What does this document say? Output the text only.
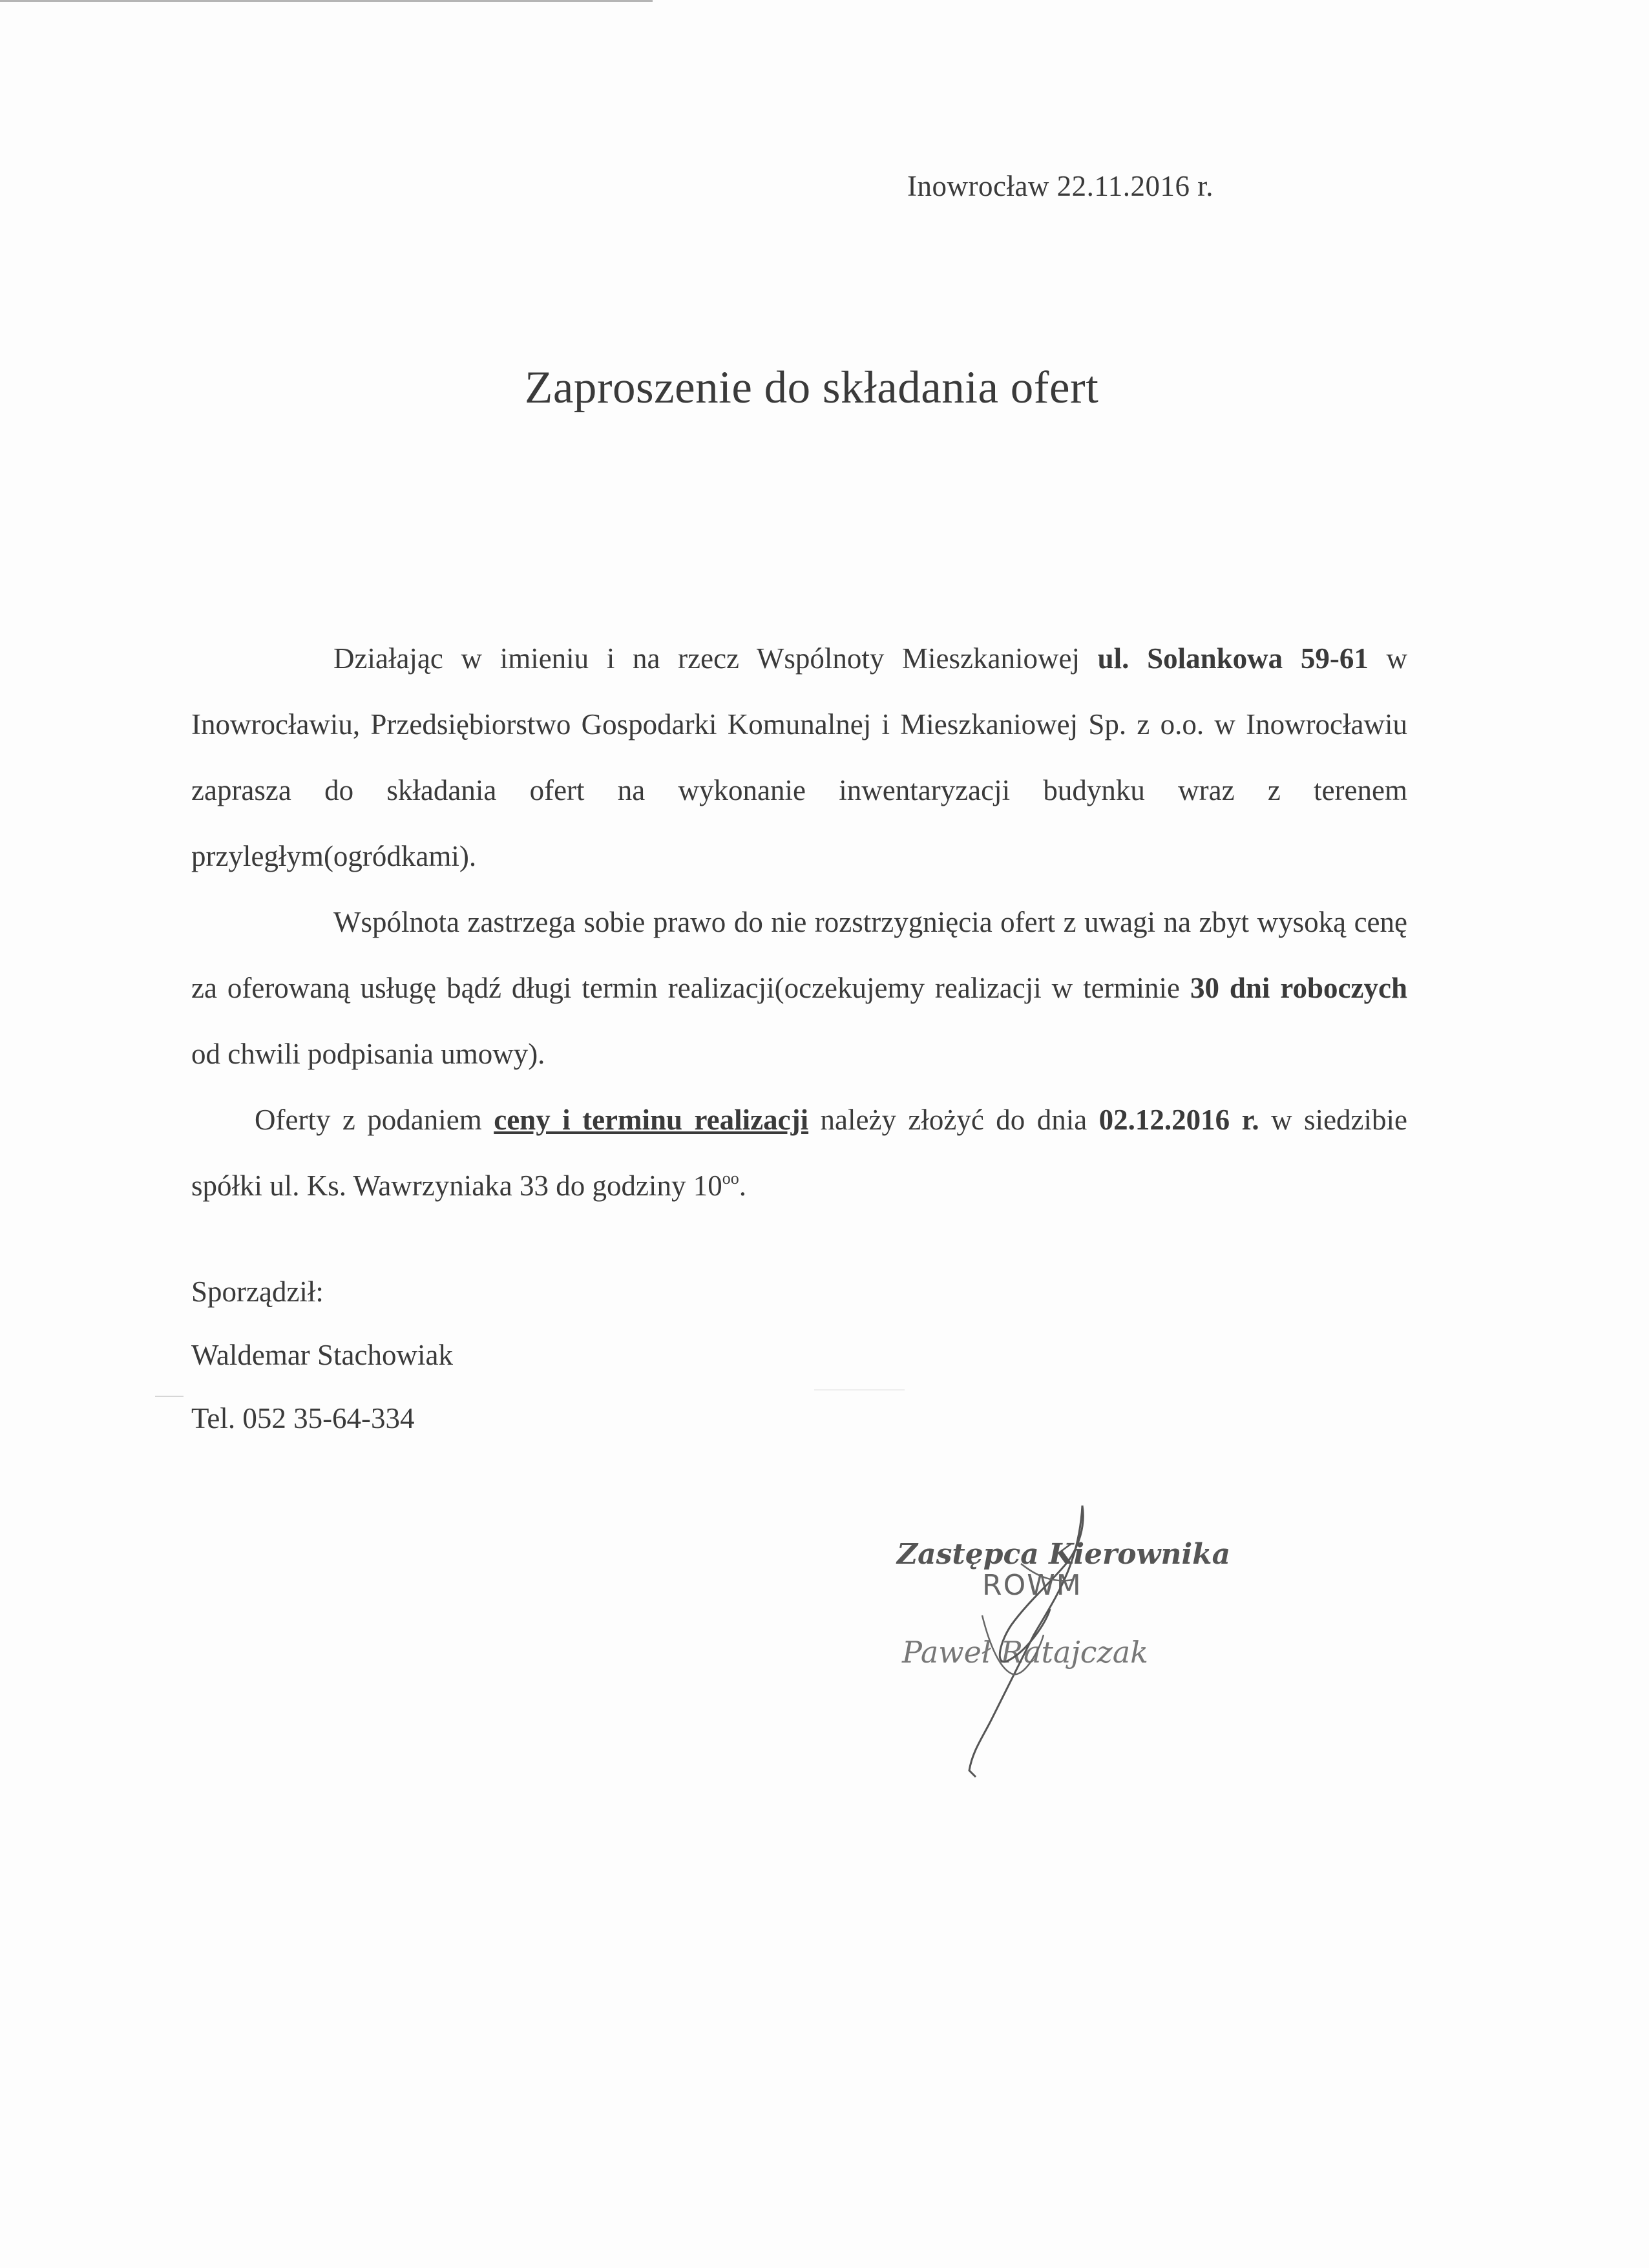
Inowrocław 22.11.2016 r.
Zaproszenie do składania ofert

Działając w imieniu i na rzecz Wspólnoty Mieszkaniowej ul. Solankowa 59-61 w Inowrocławiu, Przedsiębiorstwo Gospodarki Komunalnej i Mieszkaniowej Sp. z o.o. w Inowrocławiu zaprasza do składania ofert na wykonanie inwentaryzacji budynku wraz z terenem przyległym(ogródkami).

Wspólnota zastrzega sobie prawo do nie rozstrzygnięcia ofert z uwagi na zbyt wysoką cenę za oferowaną usługę bądź długi termin realizacji(oczekujemy realizacji w terminie 30 dni roboczych od chwili podpisania umowy).

Oferty z podaniem ceny i terminu realizacji należy złożyć do dnia 02.12.2016 r. w siedzibie spółki ul. Ks. Wawrzyniaka 33 do godziny $10^{oo}$.

Sporządził:
Waldemar Stachowiak
Tel. 052 35-64-334
Zastępca Kierownika
ROWM
Paweł Ratajczak
